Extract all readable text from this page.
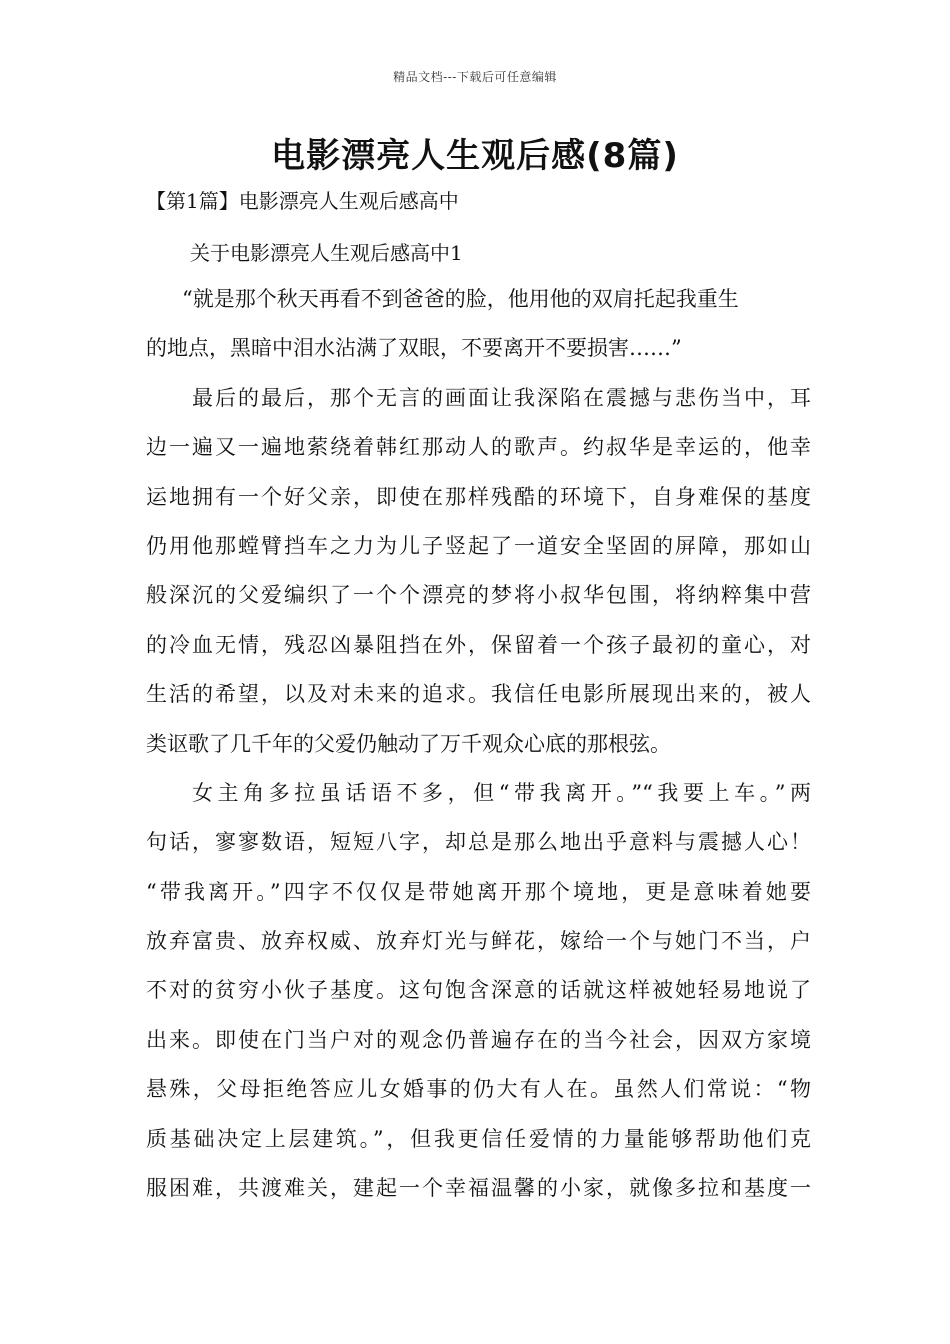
精品文档---下载后可任意编辑
电影漂亮人生观后感(8篇)
【第1篇】电影漂亮人生观后感高中
关于电影漂亮人生观后感高中1
“就是那个秋天再看不到爸爸的脸，他用他的双肩托起我重生
的地点，黑暗中泪水沾满了双眼，不要离开不要损害……”
最后的最后，那个无言的画面让我深陷在震撼与悲伤当中，耳
边一遍又一遍地萦绕着韩红那动人的歌声。约叔华是幸运的，他幸
运地拥有一个好父亲，即使在那样残酷的环境下，自身难保的基度
仍用他那螳臂挡车之力为儿子竖起了一道安全坚固的屏障，那如山
般深沉的父爱编织了一个个漂亮的梦将小叔华包围，将纳粹集中营
的冷血无情，残忍凶暴阻挡在外，保留着一个孩子最初的童心，对
生活的希望，以及对未来的追求。我信任电影所展现出来的，被人
类讴歌了几千年的父爱仍触动了万千观众心底的那根弦。
女主角多拉虽话语不多，但“带我离开。”“我要上车。”两
句话，寥寥数语，短短八字，却总是那么地出乎意料与震撼人心！
“带我离开。”四字不仅仅是带她离开那个境地，更是意味着她要
放弃富贵、放弃权威、放弃灯光与鲜花，嫁给一个与她门不当，户
不对的贫穷小伙子基度。这句饱含深意的话就这样被她轻易地说了
出来。即使在门当户对的观念仍普遍存在的当今社会，因双方家境
悬殊，父母拒绝答应儿女婚事的仍大有人在。虽然人们常说：“物
质基础决定上层建筑。”，但我更信任爱情的力量能够帮助他们克
服困难，共渡难关，建起一个幸福温馨的小家，就像多拉和基度一
